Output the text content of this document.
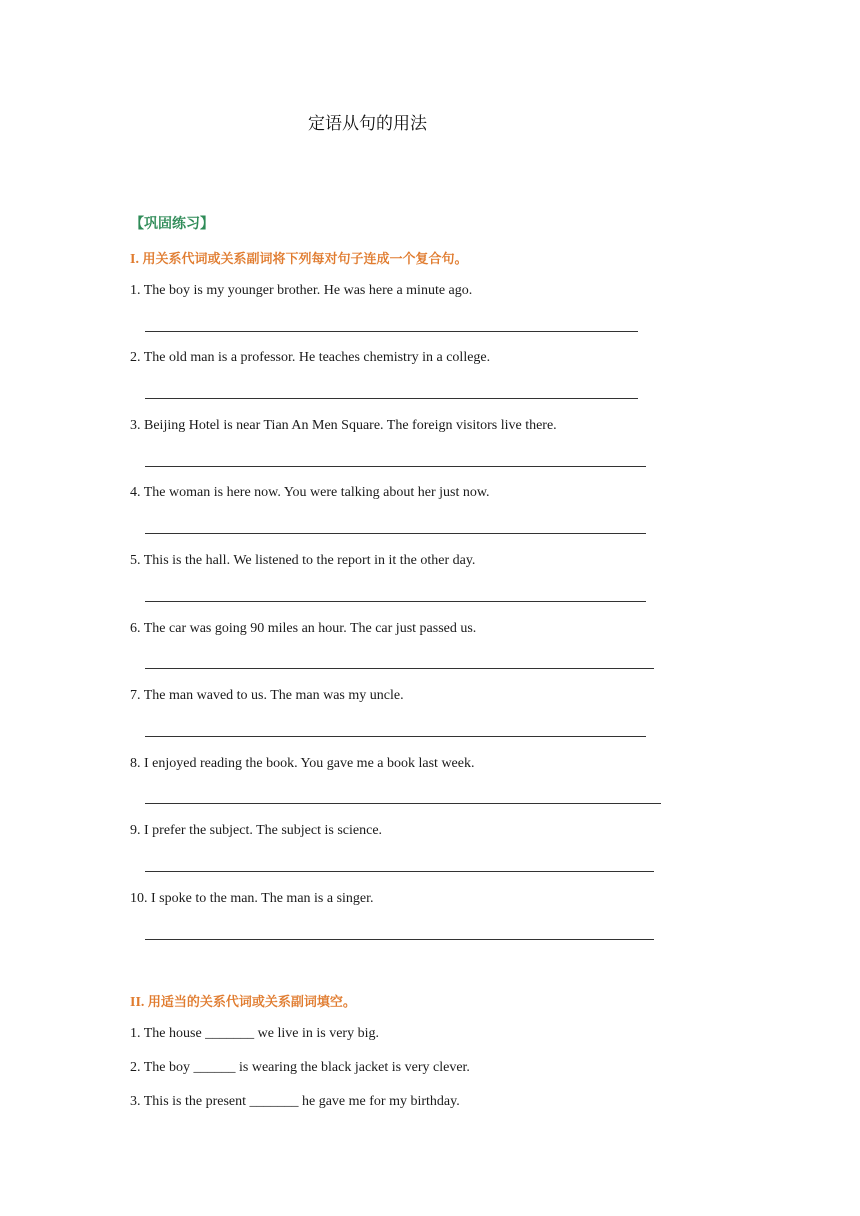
定语从句的用法
【巩固练习】
I. 用关系代词或关系副词将下列每对句子连成一个复合句。
1. The boy is my younger brother. He was here a minute ago.
2. The old man is a professor. He teaches chemistry in a college.
3. Beijing Hotel is near Tian An Men Square. The foreign visitors live there.
4. The woman is here now. You were talking about her just now.
5. This is the hall. We listened to the report in it the other day.
6. The car was going 90 miles an hour. The car just passed us.
7. The man waved to us. The man was my uncle.
8. I enjoyed reading the book. You gave me a book last week.
9. I prefer the subject. The subject is science.
10. I spoke to the man. The man is a singer.
II. 用适当的关系代词或关系副词填空。
1. The house _______ we live in is very big.
2. The boy ______ is wearing the black jacket is very clever.
3. This is the present _______ he gave me for my birthday.
